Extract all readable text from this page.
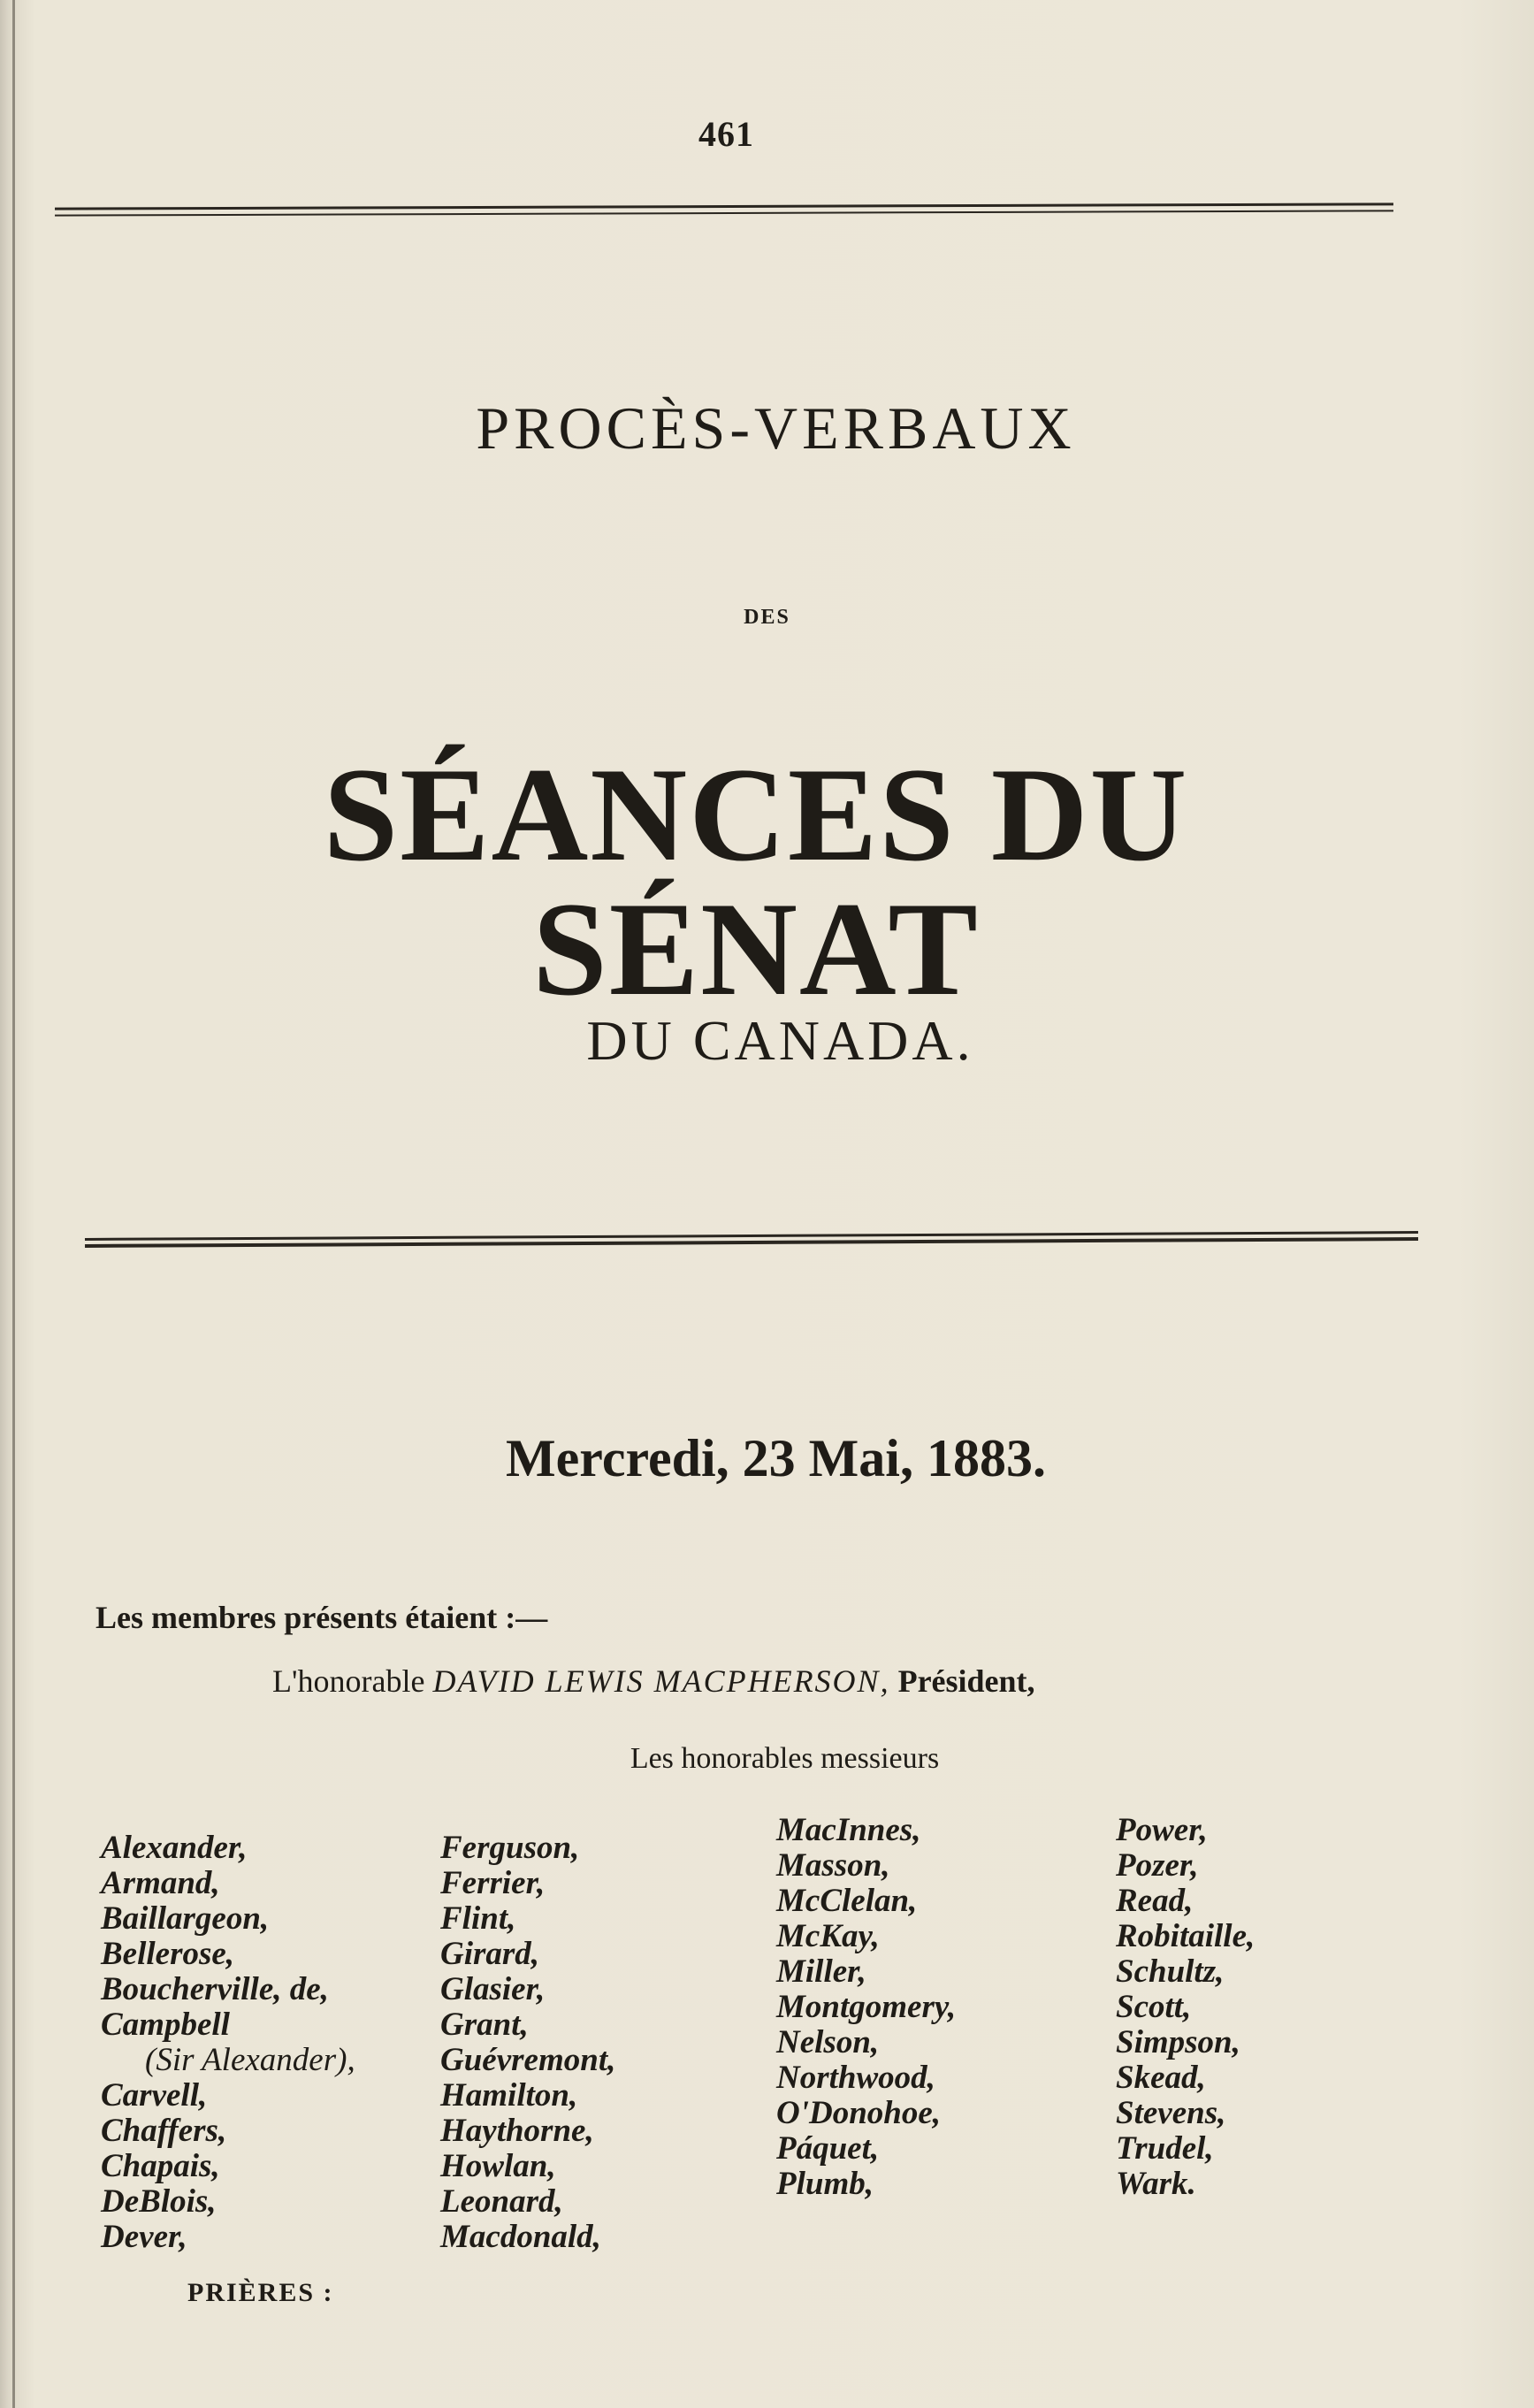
461
PROCÈS-VERBAUX
DES
SÉANCES DU SÉNAT
DU CANADA.
Mercredi, 23 Mai, 1883.
Les membres présents étaient :—
L'honorable DAVID LEWIS MACPHERSON, Président,
Les honorables messieurs
Alexander,
Armand,
Baillargeon,
Bellerose,
Boucherville, de,
Campbell
(Sir Alexander),
Carvell,
Chaffers,
Chapais,
DeBlois,
Dever,
Ferguson,
Ferrier,
Flint,
Girard,
Glasier,
Grant,
Guévremont,
Hamilton,
Haythorne,
Howlan,
Leonard,
Macdonald,
MacInnes,
Masson,
McClelan,
McKay,
Miller,
Montgomery,
Nelson,
Northwood,
O'Donohoe,
Páquet,
Plumb,
Power,
Pozer,
Read,
Robitaille,
Schultz,
Scott,
Simpson,
Skead,
Stevens,
Trudel,
Wark.
PRIÈRES :
